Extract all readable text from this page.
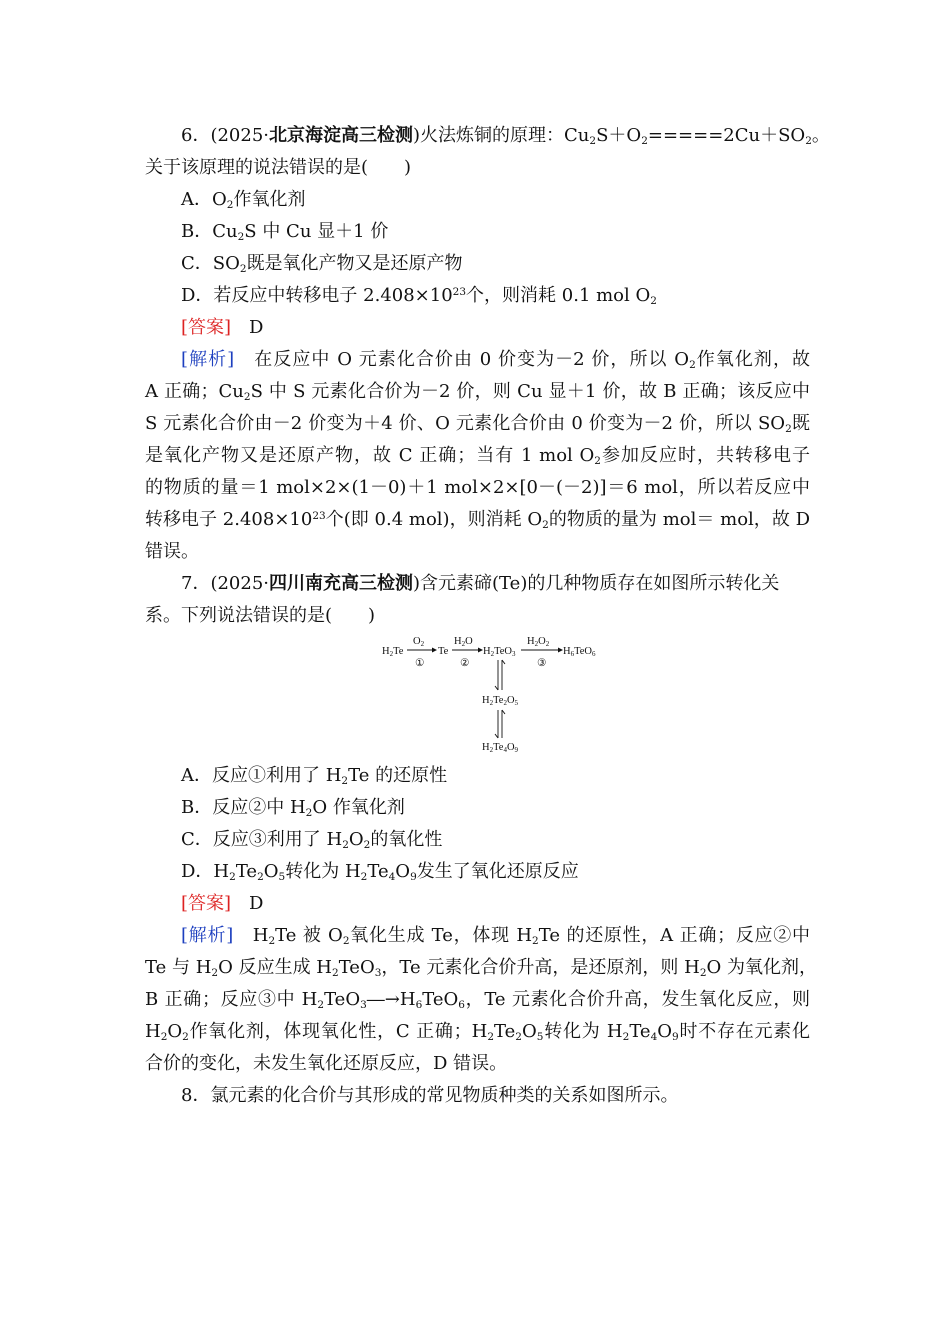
6．(2025·北京海淀高三检测)火法炼铜的原理：$Cu_2S+O_2=====2Cu+SO_2$。
关于该原理的说法错误的是(　　)
A．$O_2$作氧化剂
B．$Cu_2S$ 中 Cu 显＋1 价
C．$SO_2$既是氧化产物又是还原产物
D．若反应中转移电子 $2.408\times 10^{23}$个，则消耗 0.1 mol $O_2$
[答案]　 D
[解析]　 在反应中 O 元素化合价由 0 价变为－2 价，所以 $O_2$作氧化剂，故
A 正确；$Cu_2S$ 中 S 元素化合价为－2 价，则 Cu 显＋1 价，故 B 正确；该反应中
S 元素化合价由－2 价变为＋4 价、O 元素化合价由 0 价变为－2 价，所以 $SO_2$既
是氧化产物又是还原产物，故 C 正确；当有 1 mol $O_2$参加反应时，共转移电子
的物质的量＝1 mol×2×(1－0)＋1 mol×2×[0－(－2)]＝6 mol，所以若反应中
转移电子 $2.408\times 10^{23}$个(即 0.4 mol)，则消耗 $O_2$的物质的量为 mol＝ mol，故 D
错误。
7．(2025·四川南充高三检测)含元素碲(Te)的几种物质存在如图所示转化关
系。下列说法错误的是(　　)
H2Te
O2
①
Te
H2O
②
H2TeO3
H2O2
③
H6TeO6
H2Te2O5
H2Te4O9
A．反应①利用了 $H_2Te$ 的还原性
B．反应②中 $H_2O$ 作氧化剂
C．反应③利用了 $H_2O_2$的氧化性
D．$H_2Te_2O_5$转化为 $H_2Te_4O_9$发生了氧化还原反应
[答案]　 D
[解析]　 $H_2Te$ 被 $O_2$氧化生成 Te，体现 $H_2Te$ 的还原性，A 正确；反应②中
Te 与 $H_2O$ 反应生成 $H_2TeO_3$，Te 元素化合价升高，是还原剂，则 $H_2O$ 为氧化剂，
B 正确；反应③中 $H_2TeO_3―\to H_6TeO_6$，Te 元素化合价升高，发生氧化反应，则
$H_2O_2$作氧化剂，体现氧化性，C 正确；$H_2Te_2O_5$转化为 $H_2Te_4O_9$时不存在元素化
合价的变化，未发生氧化还原反应，D 错误。
8．氯元素的化合价与其形成的常见物质种类的关系如图所示。
